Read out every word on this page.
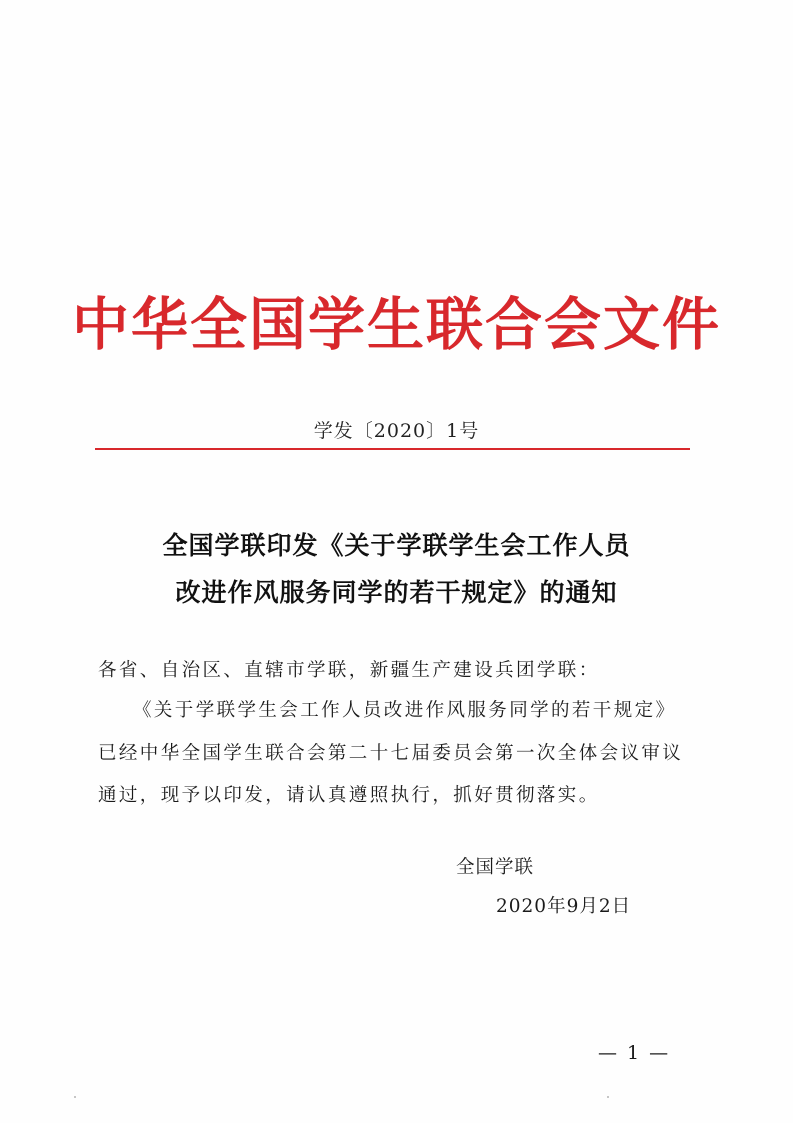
中华全国学生联合会文件
学发〔2020〕1号
全国学联印发《关于学联学生会工作人员
改进作风服务同学的若干规定》的通知
各省、自治区、直辖市学联，新疆生产建设兵团学联：
《关于学联学生会工作人员改进作风服务同学的若干规定》
已经中华全国学生联合会第二十七届委员会第一次全体会议审议
通过，现予以印发，请认真遵照执行，抓好贯彻落实。
全国学联
2020年9月2日
— 1 —
